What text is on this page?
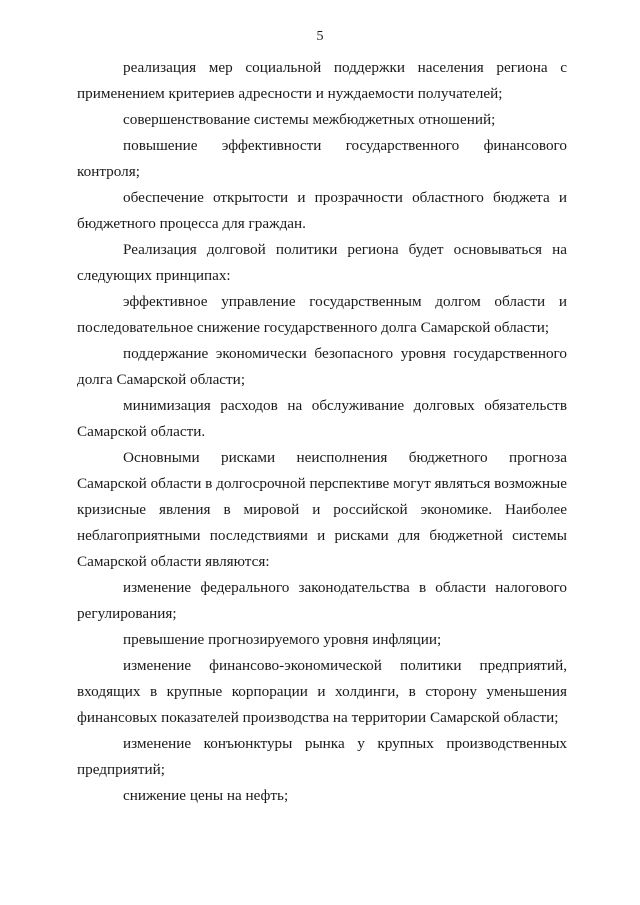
5

реализация мер социальной поддержки населения региона с применением критериев адресности и нуждаемости получателей;

совершенствование системы межбюджетных отношений;

повышение эффективности государственного финансового контроля;

обеспечение открытости и прозрачности областного бюджета и бюджетного процесса для граждан.

Реализация долговой политики региона будет основываться на следующих принципах:

эффективное управление государственным долгом области и последовательное снижение государственного долга Самарской области;

поддержание экономически безопасного уровня государственного долга Самарской области;

минимизация расходов на обслуживание долговых обязательств Самарской области.

Основными рисками неисполнения бюджетного прогноза Самарской области в долгосрочной перспективе могут являться возможные кризисные явления в мировой и российской экономике. Наиболее неблагоприятными последствиями и рисками для бюджетной системы Самарской области являются:

изменение федерального законодательства в области налогового регулирования;

превышение прогнозируемого уровня инфляции;

изменение финансово-экономической политики предприятий, входящих в крупные корпорации и холдинги, в сторону уменьшения финансовых показателей производства на территории Самарской области;

изменение конъюнктуры рынка у крупных производственных предприятий;

снижение цены на нефть;
